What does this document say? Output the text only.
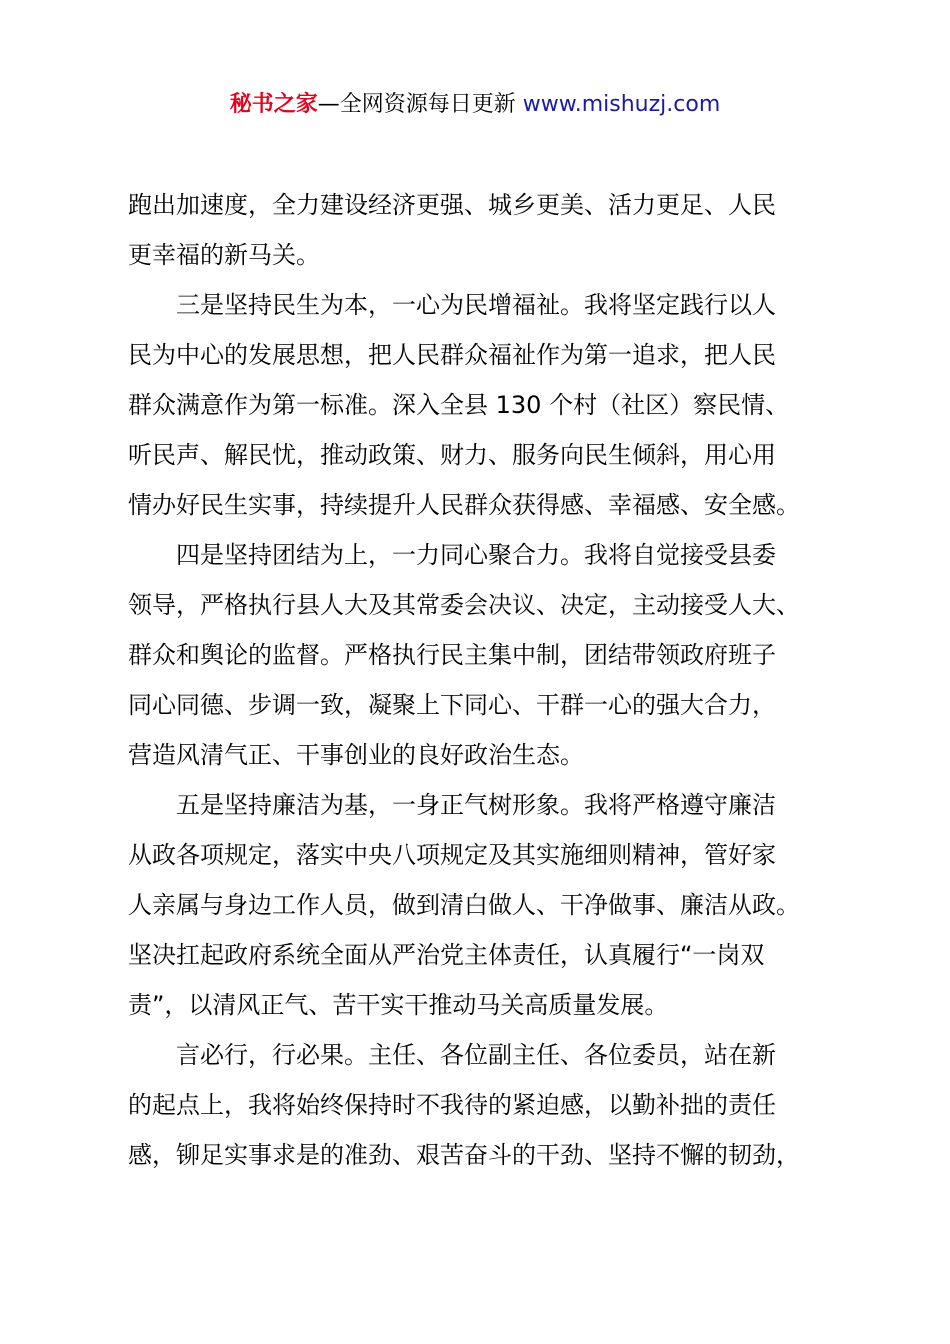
秘书之家—全网资源每日更新 www.mishuzj.com
跑出加速度，全力建设经济更强、城乡更美、活力更足、人民
更幸福的新马关。
三是坚持民生为本，一心为民增福祉。我将坚定践行以人
民为中心的发展思想，把人民群众福祉作为第一追求，把人民
群众满意作为第一标准。深入全县 130 个村（社区）察民情、
听民声、解民忧，推动政策、财力、服务向民生倾斜，用心用
情办好民生实事，持续提升人民群众获得感、幸福感、安全感。
四是坚持团结为上，一力同心聚合力。我将自觉接受县委
领导，严格执行县人大及其常委会决议、决定，主动接受人大、
群众和舆论的监督。严格执行民主集中制，团结带领政府班子
同心同德、步调一致，凝聚上下同心、干群一心的强大合力，
营造风清气正、干事创业的良好政治生态。
五是坚持廉洁为基，一身正气树形象。我将严格遵守廉洁
从政各项规定，落实中央八项规定及其实施细则精神，管好家
人亲属与身边工作人员，做到清白做人、干净做事、廉洁从政。
坚决扛起政府系统全面从严治党主体责任，认真履行“一岗双
责”，以清风正气、苦干实干推动马关高质量发展。
言必行，行必果。主任、各位副主任、各位委员，站在新
的起点上，我将始终保持时不我待的紧迫感，以勤补拙的责任
感，铆足实事求是的准劲、艰苦奋斗的干劲、坚持不懈的韧劲，
